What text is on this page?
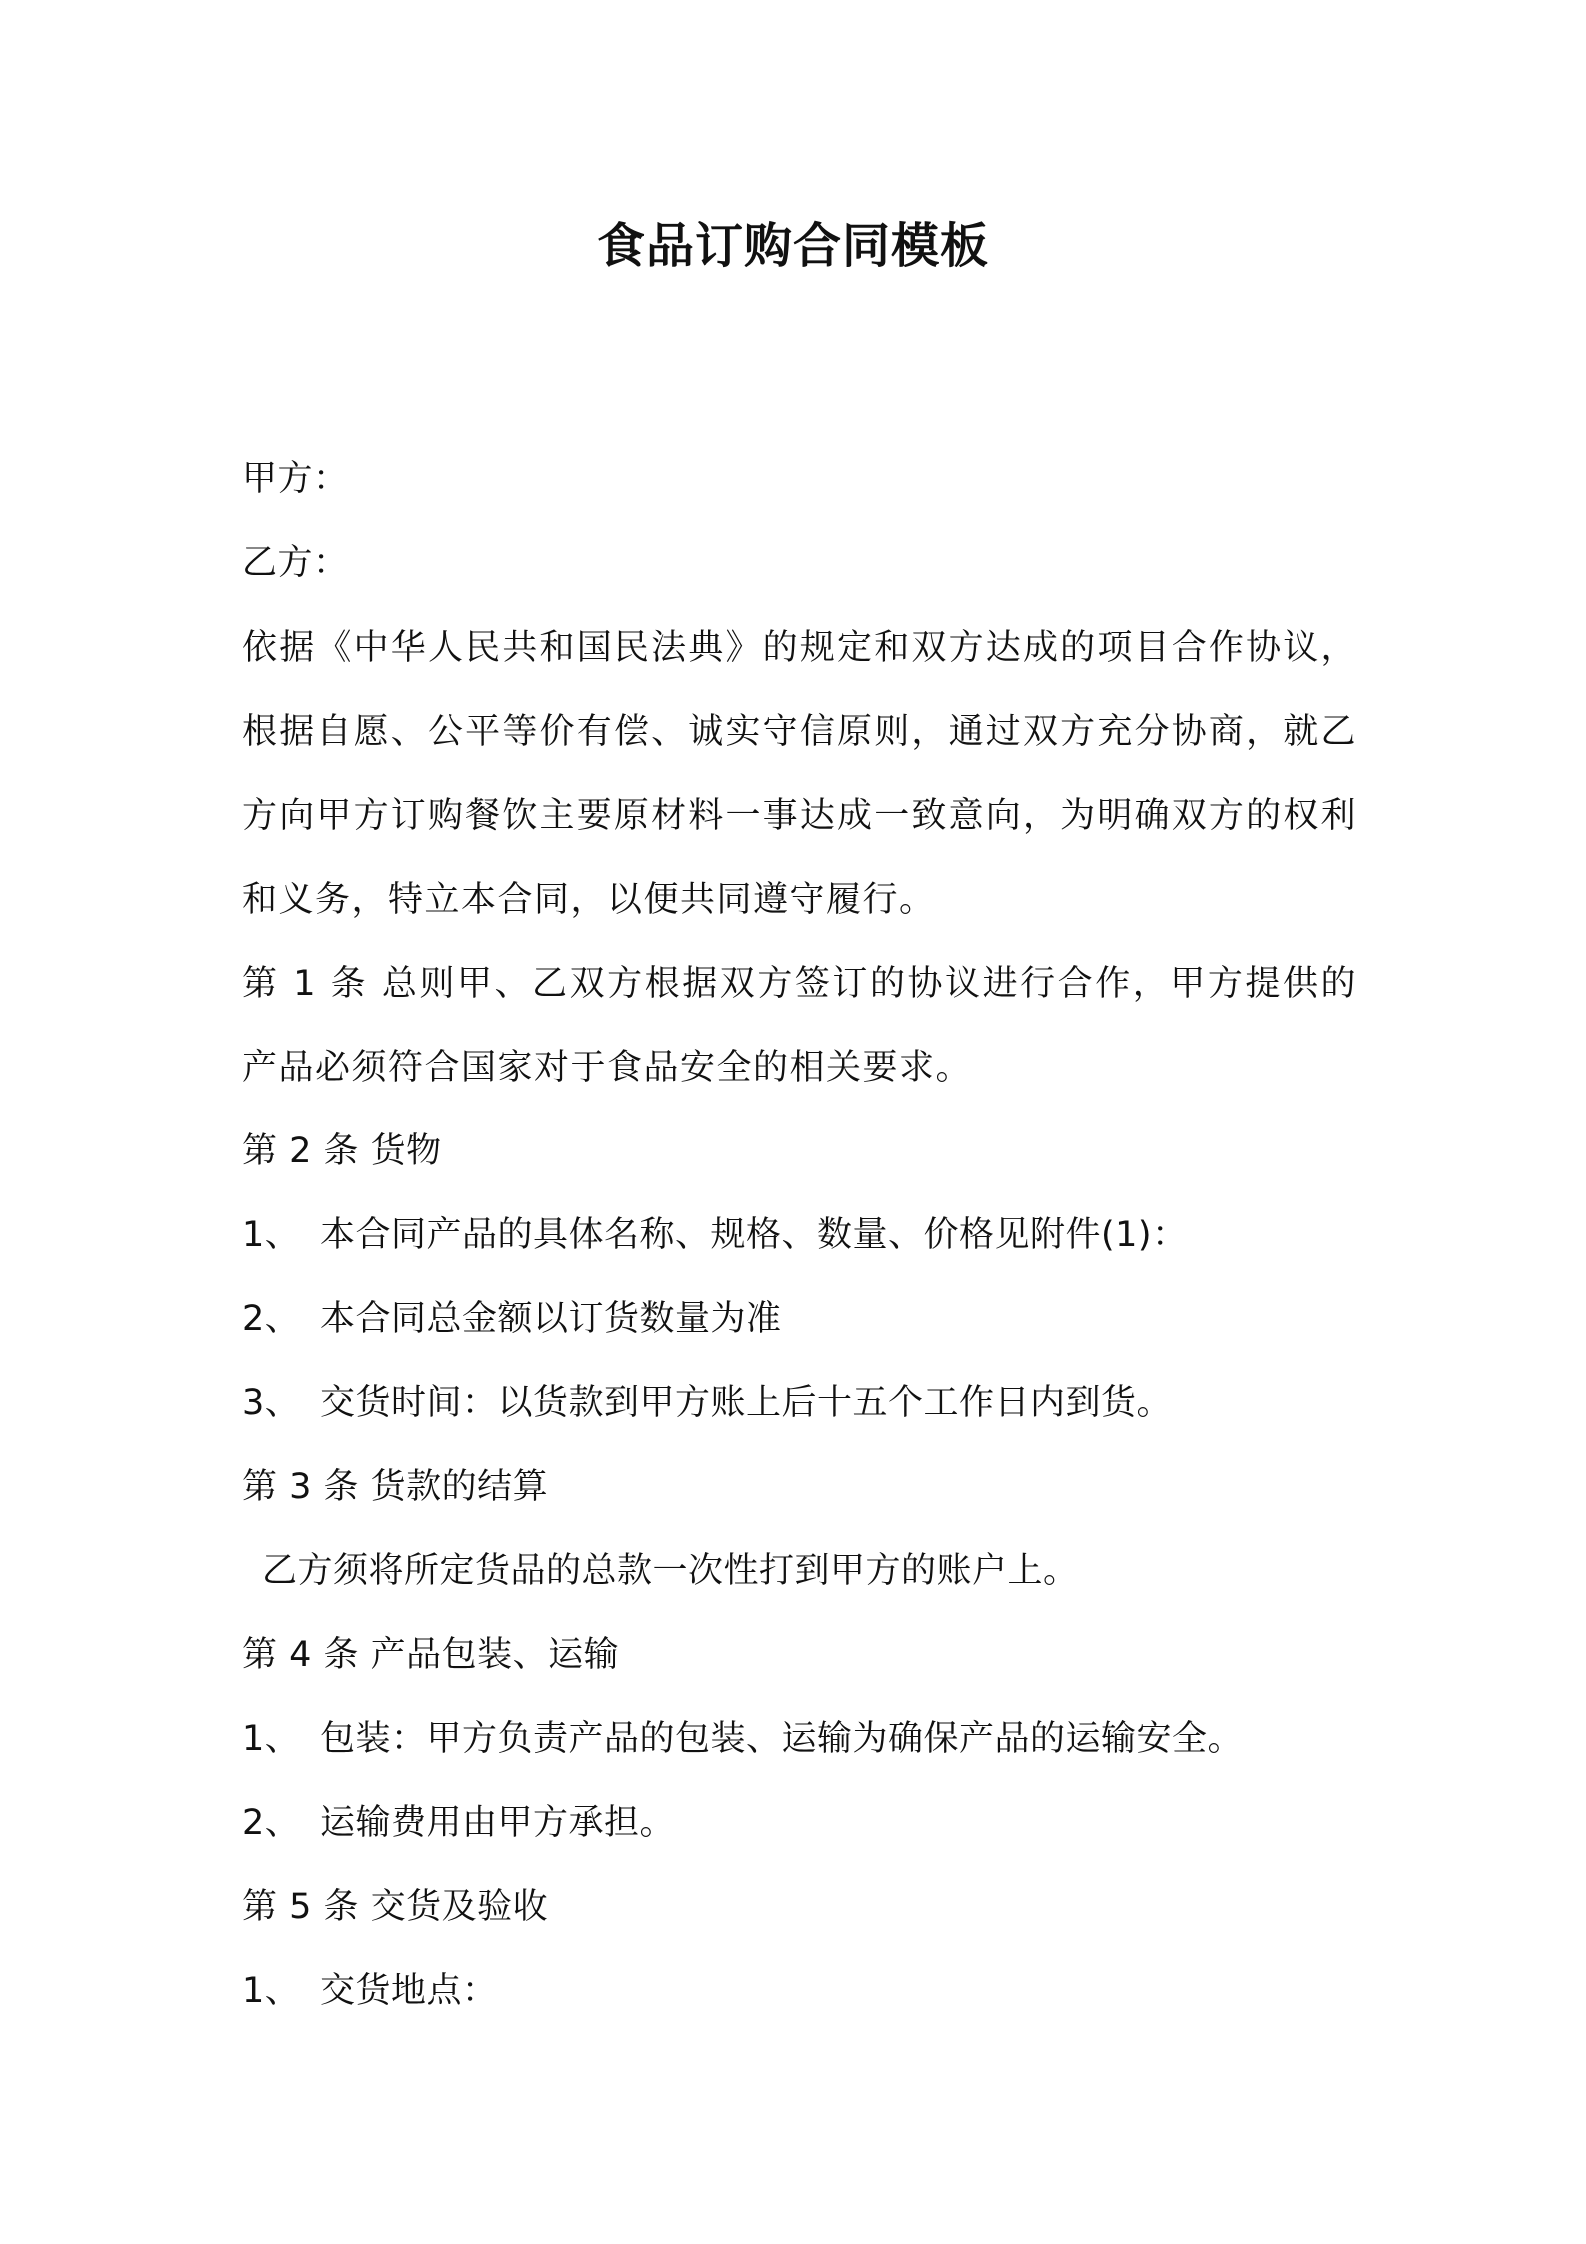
食品订购合同模板
甲方：
乙方：
依据《中华人民共和国民法典》的规定和双方达成的项目合作协议，根据自愿、公平等价有偿、诚实守信原则，通过双方充分协商，就乙方向甲方订购餐饮主要原材料一事达成一致意向，为明确双方的权利和义务，特立本合同，以便共同遵守履行。
第 1 条 总则甲、乙双方根据双方签订的协议进行合作，甲方提供的产品必须符合国家对于食品安全的相关要求。
第 2 条 货物
1、 本合同产品的具体名称、规格、数量、价格见附件(1)：
2、 本合同总金额以订货数量为准
3、 交货时间：以货款到甲方账上后十五个工作日内到货。
第 3 条 货款的结算
乙方须将所定货品的总款一次性打到甲方的账户上。
第 4 条 产品包装、运输
1、 包装：甲方负责产品的包装、运输为确保产品的运输安全。
2、 运输费用由甲方承担。
第 5 条 交货及验收
1、 交货地点：
